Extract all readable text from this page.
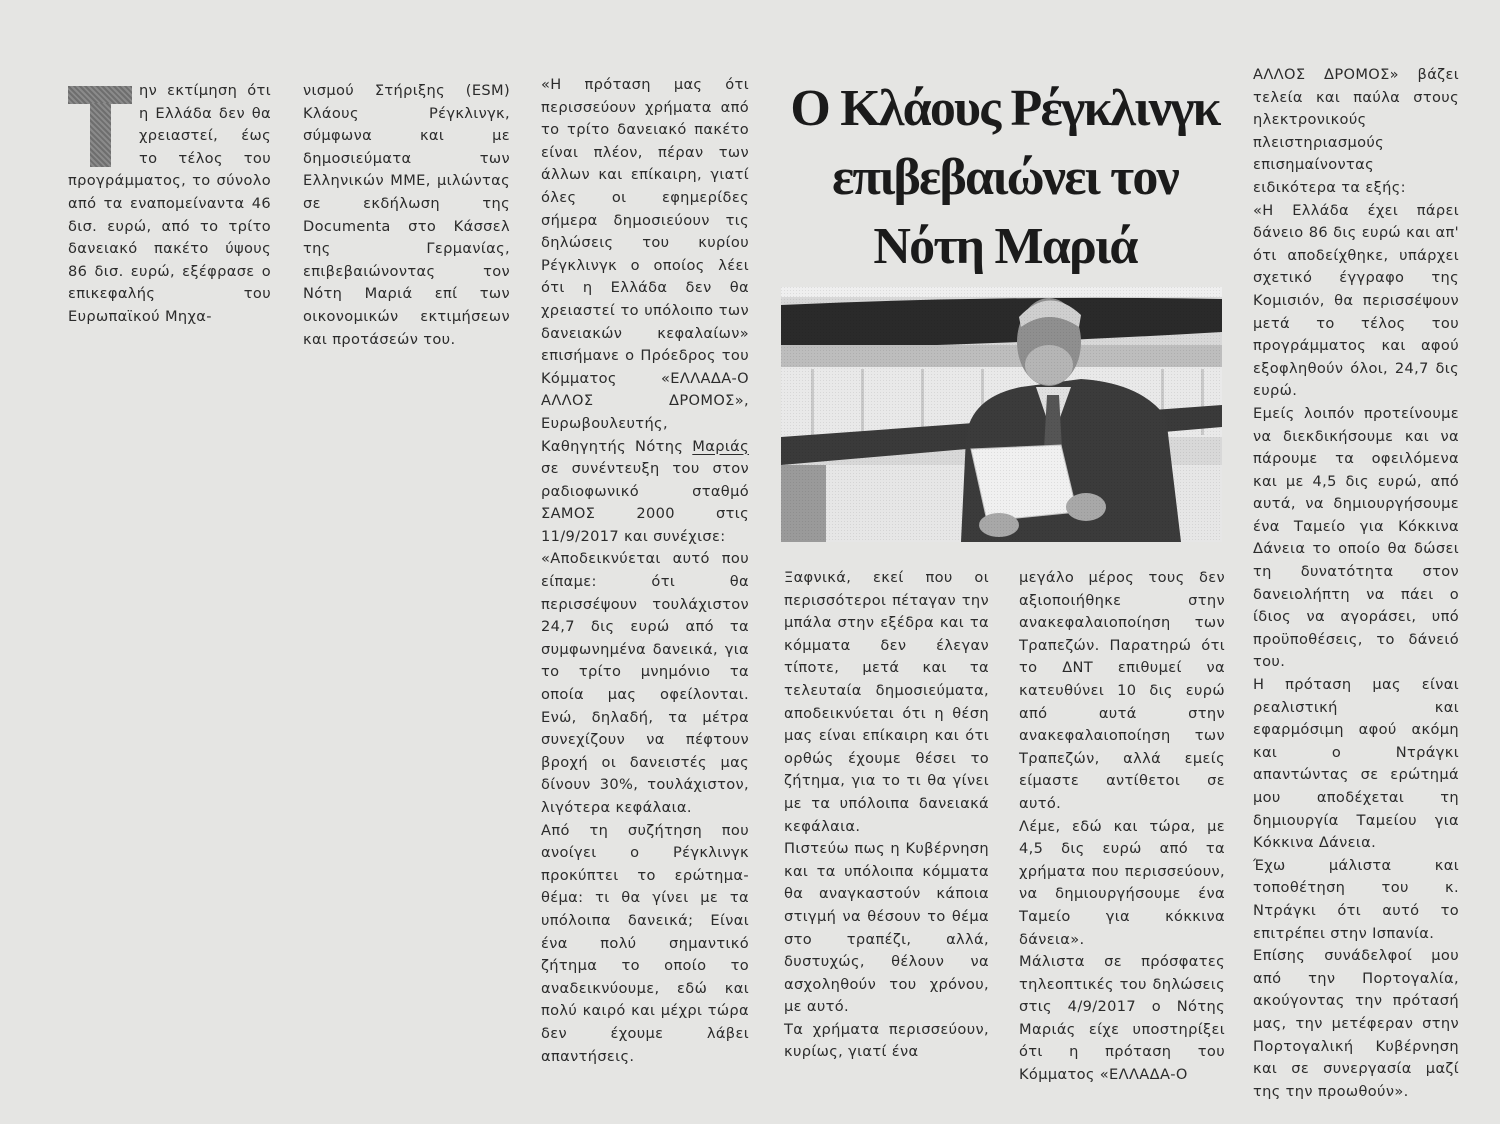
ην εκτίμηση ότι η Ελλάδα δεν θα χρειαστεί, έως το τέλος του προγράμματος, το σύνολο από τα εναπομείναντα 46 δισ. ευρώ, από το τρίτο δανειακό πακέτο ύψους 86 δισ. ευρώ, εξέφρασε ο επικεφαλής του Ευρωπαϊκού Μηχα-

νισμού Στήριξης (ESM) Κλάους Ρέγκλινγκ, σύμφωνα και με δημοσιεύματα των Ελληνικών ΜΜΕ, μιλώντας σε εκδήλωση της Documenta στο Κάσσελ της Γερμανίας, επιβεβαιώνοντας τον Νότη Μαριά επί των οικονομικών εκτιμήσεων και προτάσεών του.

«Η πρόταση μας ότι περισσεύουν χρήματα από το τρίτο δανειακό πακέτο είναι πλέον, πέραν των άλλων και επίκαιρη, γιατί όλες οι εφημερίδες σήμερα δημοσιεύουν τις δηλώσεις του κυρίου Ρέγκλινγκ ο οποίος λέει ότι η Ελλάδα δεν θα χρειαστεί το υπόλοιπο των δανειακών κεφαλαίων» επισήμανε ο Πρόεδρος του Κόμματος «ΕΛΛΑΔΑ-Ο ΑΛΛΟΣ ΔΡΟΜΟΣ», Ευρωβουλευτής, Καθηγητής Νότης Μαριάς σε συνέντευξη του στον ραδιοφωνικό σταθμό ΣΑΜΟΣ 2000 στις 11/9/2017 και συνέχισε:

«Αποδεικνύεται αυτό που είπαμε: ότι θα περισσέψουν τουλάχιστον 24,7 δις ευρώ από τα συμφωνημένα δανεικά, για το τρίτο μνημόνιο τα οποία μας οφείλονται. Ενώ, δηλαδή, τα μέτρα συνεχίζουν να πέφτουν βροχή οι δανειστές μας δίνουν 30%, τουλάχιστον, λιγότερα κεφάλαια.

Από τη συζήτηση που ανοίγει ο Ρέγκλινγκ προκύπτει το ερώτημα-θέμα: τι θα γίνει με τα υπόλοιπα δανεικά; Είναι ένα πολύ σημαντικό ζήτημα το οποίο το αναδεικνύουμε, εδώ και πολύ καιρό και μέχρι τώρα δεν έχουμε λάβει απαντήσεις.

Ο Κλάους Ρέγκλινγκ
επιβεβαιώνει τον
Νότη Μαριά

Ξαφνικά, εκεί που οι περισσότεροι πέταγαν την μπάλα στην εξέδρα και τα κόμματα δεν έλεγαν τίποτε, μετά και τα τελευταία δημοσιεύματα, αποδεικνύεται ότι η θέση μας είναι επίκαιρη και ότι ορθώς έχουμε θέσει το ζήτημα, για το τι θα γίνει με τα υπόλοιπα δανειακά κεφάλαια.

Πιστεύω πως η Κυβέρνηση και τα υπόλοιπα κόμματα θα αναγκαστούν κάποια στιγμή να θέσουν το θέμα στο τραπέζι, αλλά, δυστυχώς, θέλουν να ασχοληθούν του χρόνου, με αυτό.

Τα χρήματα περισσεύουν, κυρίως, γιατί ένα

μεγάλο μέρος τους δεν αξιοποιήθηκε στην ανακεφαλαιοποίηση των Τραπεζών. Παρατηρώ ότι το ΔΝΤ επιθυμεί να κατευθύνει 10 δις ευρώ από αυτά στην ανακεφαλαιοποίηση των Τραπεζών, αλλά εμείς είμαστε αντίθετοι σε αυτό.

Λέμε, εδώ και τώρα, με 4,5 δις ευρώ από τα χρήματα που περισσεύουν, να δημιουργήσουμε ένα Ταμείο για κόκκινα δάνεια».

Μάλιστα σε πρόσφατες τηλεοπτικές του δηλώσεις στις 4/9/2017 ο Νότης Μαριάς είχε υποστηρίξει ότι η πρόταση του Κόμματος «ΕΛΛΑΔΑ-Ο

ΑΛΛΟΣ ΔΡΟΜΟΣ» βάζει τελεία και παύλα στους ηλεκτρονικούς πλειστηριασμούς επισημαίνοντας ειδικότερα τα εξής:

«Η Ελλάδα έχει πάρει δάνειο 86 δις ευρώ και απ' ότι αποδείχθηκε, υπάρχει σχετικό έγγραφο της Κομισιόν, θα περισσέψουν μετά το τέλος του προγράμματος και αφού εξοφληθούν όλοι, 24,7 δις ευρώ.

Εμείς λοιπόν προτείνουμε να διεκδικήσουμε και να πάρουμε τα οφειλόμενα και με 4,5 δις ευρώ, από αυτά, να δημιουργήσουμε ένα Ταμείο για Κόκκινα Δάνεια το οποίο θα δώσει τη δυνατότητα στον δανειολήπτη να πάει ο ίδιος να αγοράσει, υπό προϋποθέσεις, το δάνειό του.

Η πρόταση μας είναι ρεαλιστική και εφαρμόσιμη αφού ακόμη και ο Ντράγκι απαντώντας σε ερώτημά μου αποδέχεται τη δημιουργία Ταμείου για Κόκκινα Δάνεια.

Έχω μάλιστα και τοποθέτηση του κ. Ντράγκι ότι αυτό το επιτρέπει στην Ισπανία.

Επίσης συνάδελφοί μου από την Πορτογαλία, ακούγοντας την πρότασή μας, την μετέφεραν στην Πορτογαλική Κυβέρνηση και σε συνεργασία μαζί της την προωθούν».
